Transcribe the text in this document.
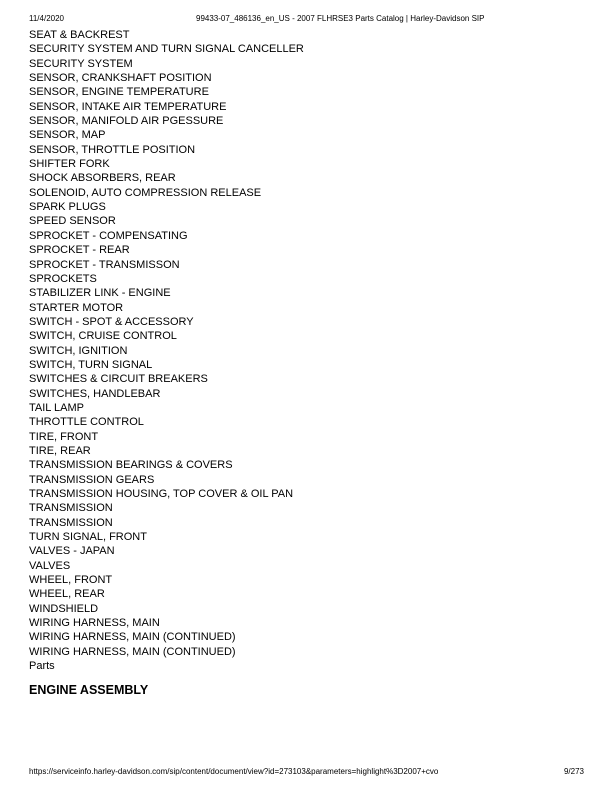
11/4/2020	99433-07_486136_en_US - 2007 FLHRSE3 Parts Catalog | Harley-Davidson SIP
SEAT & BACKREST
SECURITY SYSTEM AND TURN SIGNAL CANCELLER
SECURITY SYSTEM
SENSOR, CRANKSHAFT POSITION
SENSOR, ENGINE TEMPERATURE
SENSOR, INTAKE AIR TEMPERATURE
SENSOR, MANIFOLD AIR PGESSURE
SENSOR, MAP
SENSOR, THROTTLE POSITION
SHIFTER FORK
SHOCK ABSORBERS, REAR
SOLENOID, AUTO COMPRESSION RELEASE
SPARK PLUGS
SPEED SENSOR
SPROCKET - COMPENSATING
SPROCKET - REAR
SPROCKET - TRANSMISSON
SPROCKETS
STABILIZER LINK - ENGINE
STARTER MOTOR
SWITCH - SPOT & ACCESSORY
SWITCH, CRUISE CONTROL
SWITCH, IGNITION
SWITCH, TURN SIGNAL
SWITCHES & CIRCUIT BREAKERS
SWITCHES, HANDLEBAR
TAIL LAMP
THROTTLE CONTROL
TIRE, FRONT
TIRE, REAR
TRANSMISSION BEARINGS & COVERS
TRANSMISSION GEARS
TRANSMISSION HOUSING, TOP COVER & OIL PAN
TRANSMISSION
TRANSMISSION
TURN SIGNAL, FRONT
VALVES - JAPAN
VALVES
WHEEL, FRONT
WHEEL, REAR
WINDSHIELD
WIRING HARNESS, MAIN
WIRING HARNESS, MAIN (CONTINUED)
WIRING HARNESS, MAIN (CONTINUED)
Parts
ENGINE ASSEMBLY
https://serviceinfo.harley-davidson.com/sip/content/document/view?id=273103&parameters=highlight%3D2007+cvo	9/273
